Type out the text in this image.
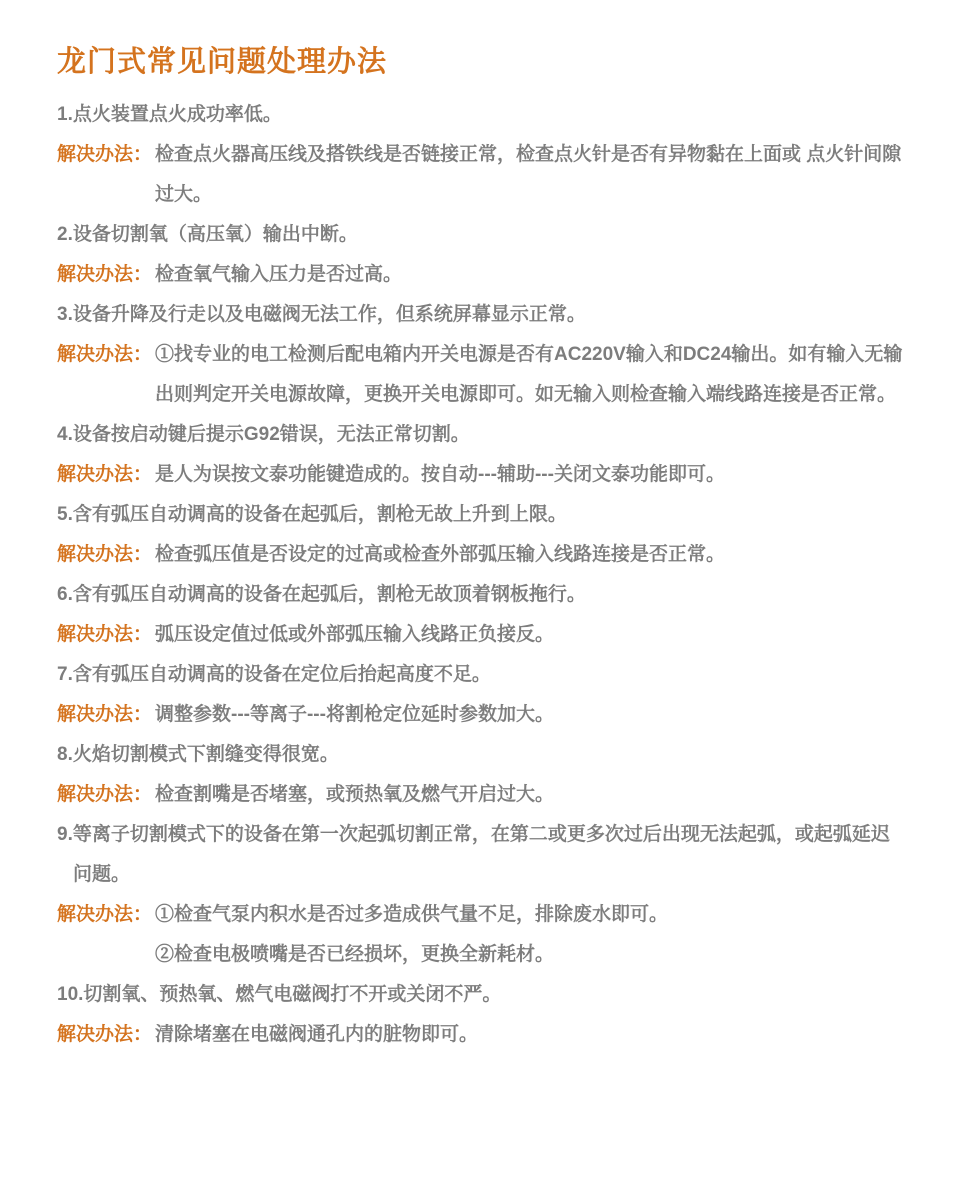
龙门式常见问题处理办法

1.点火装置点火成功率低。

解决办法： 检查点火器高压线及搭铁线是否链接正常，检查点火针是否有异物黏在上面或 点火针间隙过大。

2.设备切割氧（高压氧）输出中断。

解决办法： 检查氧气输入压力是否过高。

3.设备升降及行走以及电磁阀无法工作，但系统屏幕显示正常。

解决办法： ①找专业的电工检测后配电箱内开关电源是否有AC220V输入和DC24输出。如有输入无输出则判定开关电源故障，更换开关电源即可。如无输入则检查输入端线路连接是否正常。

4.设备按启动键后提示G92错误，无法正常切割。

解决办法： 是人为误按文泰功能键造成的。按自动---辅助---关闭文泰功能即可。

5.含有弧压自动调高的设备在起弧后，割枪无故上升到上限。

解决办法： 检查弧压值是否设定的过高或检查外部弧压输入线路连接是否正常。

6.含有弧压自动调高的设备在起弧后，割枪无故顶着钢板拖行。

解决办法： 弧压设定值过低或外部弧压输入线路正负接反。

7.含有弧压自动调高的设备在定位后抬起高度不足。

解决办法： 调整参数---等离子---将割枪定位延时参数加大。

8.火焰切割模式下割缝变得很宽。

解决办法： 检查割嘴是否堵塞，或预热氧及燃气开启过大。

9.等离子切割模式下的设备在第一次起弧切割正常，在第二或更多次过后出现无法起弧，或起弧延迟问题。

解决办法： ①检查气泵内积水是否过多造成供气量不足，排除废水即可。

②检查电极喷嘴是否已经损坏，更换全新耗材。

10.切割氧、预热氧、燃气电磁阀打不开或关闭不严。

解决办法： 清除堵塞在电磁阀通孔内的脏物即可。
